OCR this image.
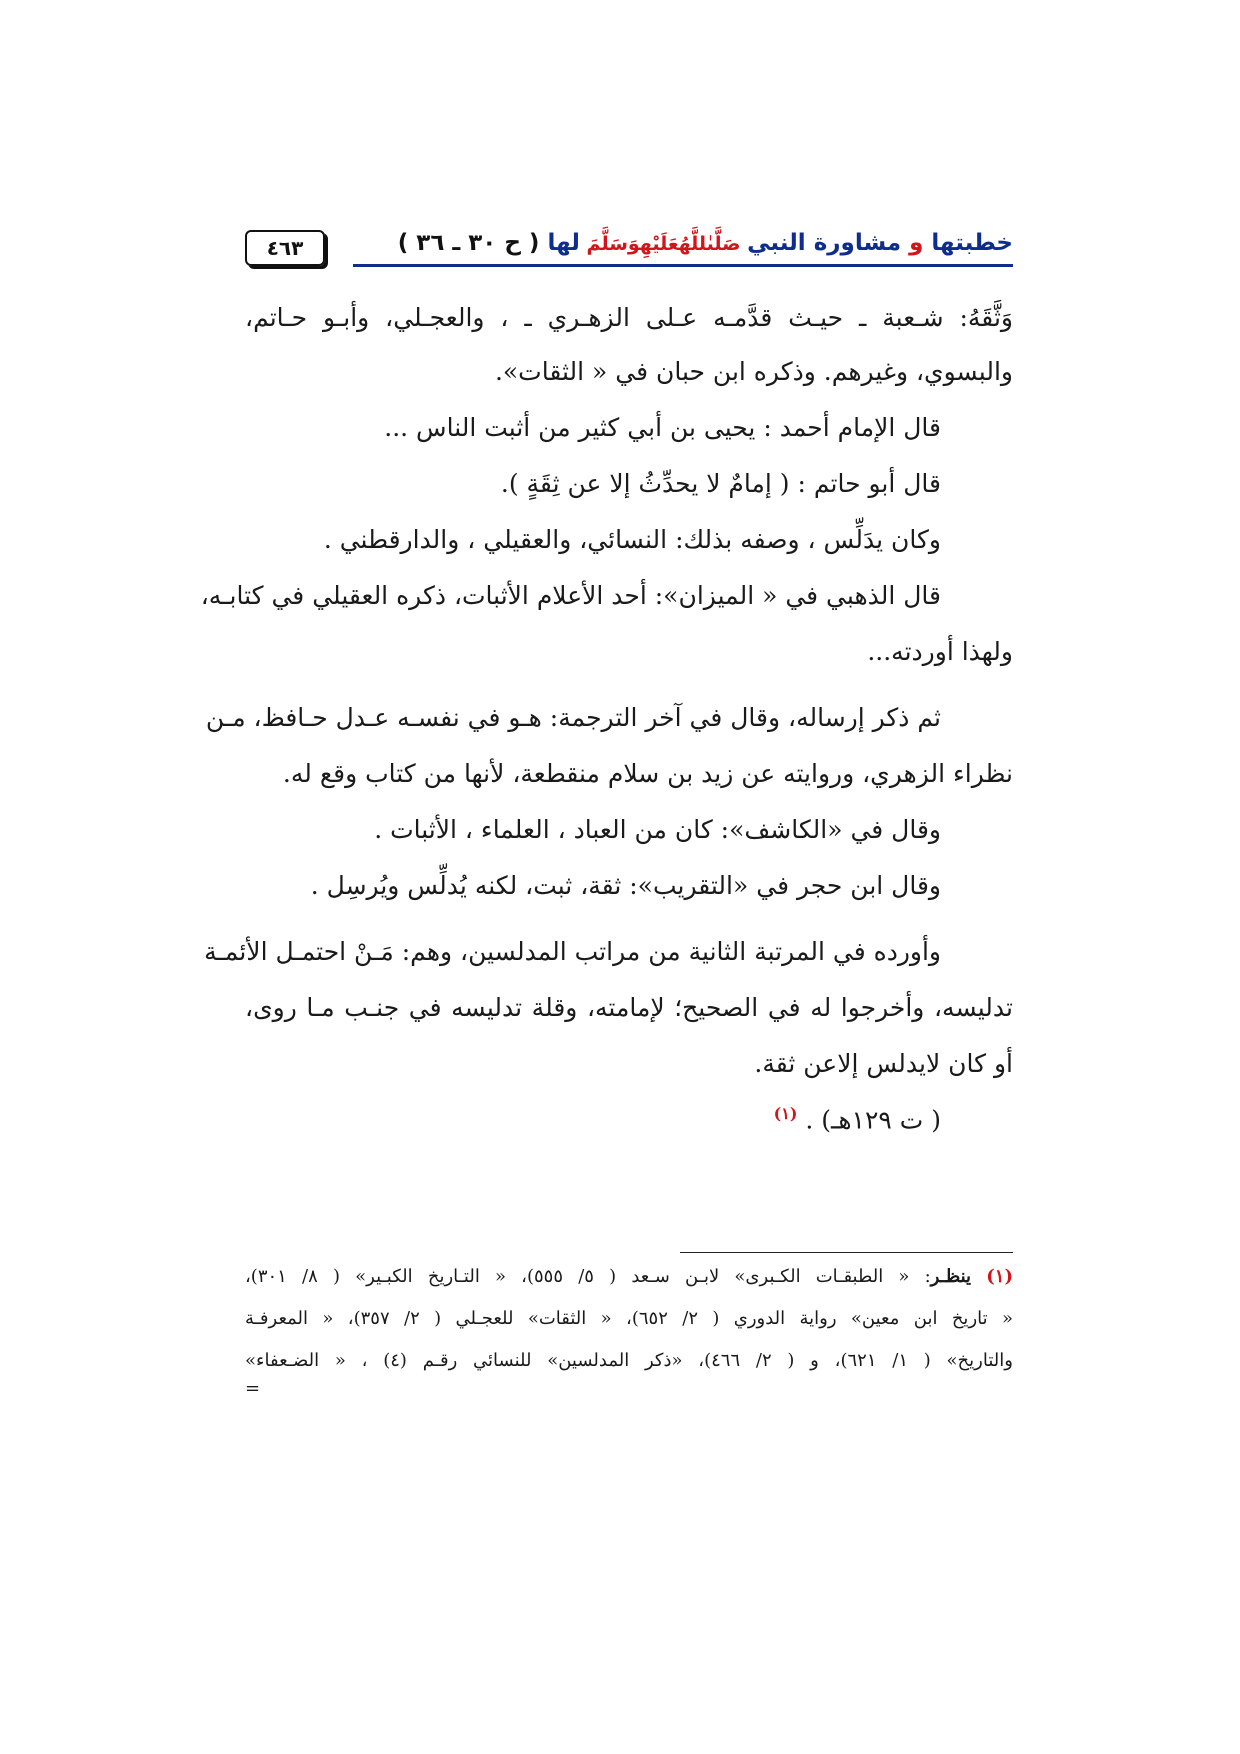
خطبتها و مشاورة النبي صَلَّىٰللَّهُعَلَيْهِوَسَلَّمَ لها ( ح ٣٠ ـ ٣٦ )
٤٦٣
وَثَّقَهُ: شـعبة ـ حيـث قدَّمـه عـلى الزهـري ـ ، والعجـلي، وأبـو حـاتم،
والبسوي، وغيرهم. وذكره ابن حبان في « الثقات».
قال الإمام أحمد : يحيى بن أبي كثير من أثبت الناس ...
قال أبو حاتم : ( إمامٌ لا يحدِّثُ إلا عن ثِقَةٍ ).
وكان يدَلِّس ، وصفه بذلك: النسائي، والعقيلي ، والدارقطني .
قال الذهبي في « الميزان»: أحد الأعلام الأثبات، ذكره العقيلي في كتابـه،
ولهذا أوردته...
ثم ذكر إرساله، وقال في آخر الترجمة: هـو في نفسـه عـدل حـافظ، مـن
نظراء الزهري، وروايته عن زيد بن سلام منقطعة، لأنها من كتاب وقع له.
وقال في «الكاشف»: كان من العباد ، العلماء ، الأثبات .
وقال ابن حجر في «التقريب»: ثقة، ثبت، لكنه يُدلِّس ويُرسِل .
وأورده في المرتبة الثانية من مراتب المدلسين، وهم: مَـنْ احتمـل الأئمـة
تدليسه، وأخرجوا له في الصحيح؛ لإمامته، وقلة تدليسه في جنـب مـا روى،
أو كان لايدلس إلاعن ثقة.
( ت ١٢٩هـ) . $^{(١)}$
(١) ينظـر: « الطبقـات الكـبرى» لابـن سـعد ( ٥/ ٥٥٥)، « التـاريخ الكبـير» ( ٨/ ٣٠١)،
« تاريخ ابن معين» رواية الدوري ( ٢/ ٦٥٢)، « الثقات» للعجـلي ( ٢/ ٣٥٧)، « المعرفـة
والتاريخ» ( ١/ ٦٢١)، و ( ٢/ ٤٦٦)، «ذكر المدلسين» للنسائي رقـم (٤) ، « الضـعفاء»
=
